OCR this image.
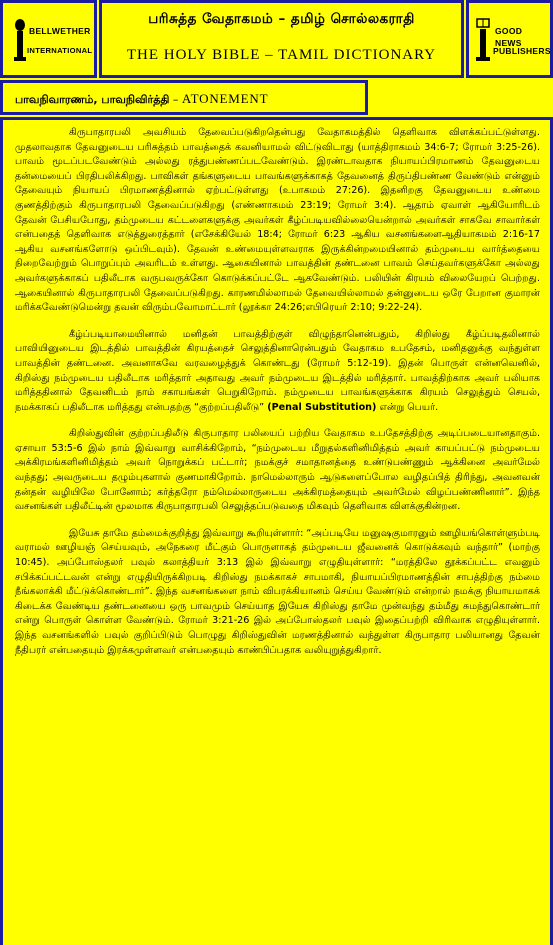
BELLWETHER
INTERNATIONAL
பரிசுத்த வேதாகமம் – தமிழ் சொல்லகராதி
THE HOLY BIBLE – TAMIL DICTIONARY
GOOD NEWS
PUBLISHERS
பாவநிவாரணம், பாவநிவிர்த்தி – ATONEMENT

கிருபாதாரபலி அவசியம் தேவைப்படுகிறதென்பது வேதாகமத்தில் தெளிவாக விளக்கப்பட்டுள்ளது. முதலாவதாக தேவனுடைய பரிசுத்தம் பாவத்தைக் கவனியாமல் விட்டுவிடாது (யாத்திராகமம் 34:6-7; ரோமர் 3:25-26). பாவம் மூடப்படவேண்டும் அல்லது ரத்துபண்ணப்படவேண்டும். இரண்டாவதாக நியாயப்பிரமாணம் தேவனுடைய தன்மையைப் பிரதிபலிக்கிறது. பாவிகள் தங்களுடைய பாவங்களுக்காகத் தேவனைத் திருப்திபண்ண வேண்டும் என்னும் தேவையும் நியாயப் பிரமாணத்தினால் ஏற்பட்டுள்ளது (உபாகமம் 27:26). இதனிறகு தேவனுடைய உண்மை குணத்திற்கும் கிருபாதாரபலி தேவைப்படுகிறது (எண்ணாகமம் 23:19; ரோமர் 3:4). ஆதாம் ஏவாள் ஆகியோரிடம் தேவன் பேசியபோது, தம்முடைய கட்டளைகளுக்கு அவர்கள் கீழ்ப்படியவில்லையென்றால் அவர்கள் சாகவே சாவார்கள் என்பதைத் தெளிவாக எடுத்துரைத்தார் (எசேக்கியேல் 18:4; ரோமர் 6:23 ஆகிய வசனங்களைஆதியாகமம் 2:16-17 ஆகிய வசனங்களோடு ஒப்பிடவும்). தேவன் உண்மையுள்ளவராக இருக்கின்றமையினால் தம்முடைய வார்த்தையை நிறைவேற்றும் பொறுப்பும் அவரிடம் உள்ளது. ஆகையினால் பாவத்தின் தண்டனை பாவம் செய்தவர்களுக்கோ அல்லது அவர்களுக்காகப் பதிலீடாக வருபவருக்கோ கொடுக்கப்பட்டே ஆகவேண்டும். பலியின் கிரயம் விலையேறப் பெற்றது. ஆகையினால் கிருபாதாரபலி தேவைப்படுகிறது. காரணமில்லாமல் தேவையில்லாமல் தன்னுடைய ஒரே பேறான குமாரன் மரிக்கவேண்டுமென்று தவன் விரும்பவோமாட்டார் (லூக்கா 24:26;எபிரெயர் 2:10; 9:22-24).

கீழ்ப்படியாமையினால் மனிதன் பாவத்திற்குள் விழுந்தானென்பதும், கிறிஸ்து கீழ்ப்படிதலினால் பாவியினுடைய இடத்தில் பாவத்தின் கிரயத்தைச் செலுத்தினாரென்பதும் வேதாகம உபதேசம், மனிதனுக்கு வந்துள்ள பாவத்தின் தண்டனை. அவனாகவே வரவழைத்துக் கொண்டது (ரோமர் 5:12-19). இதன் பொருள் என்னவெனில், கிறிஸ்து நம்முடைய பதிலீடாக மரித்தார் அதாவது அவர் நம்முடைய இடத்தில் மரித்தார். பாவத்திற்காக அவர் பலியாக மரித்ததினால் தேவனிடம் நாம் சகாயங்கள் பெறுகிறோம். நம்முடைய பாவங்களுக்காக கிரயம் செலுத்தும் செயல், நமக்காகப் பதிலீடாக மரித்தது என்பதற்கு “குற்றப்பதிலீடு” (Penal Substitution) என்று பெயர்.

கிறிஸ்துவின் குற்றப்பதிலீடு கிருபாதார பலியைப் பற்றிய வேதாகம உபதேசத்திற்கு அடிப்படையானதாகும். ஏசாயா 53:5-6 இல் நாம் இவ்வாறு வாசிக்கிறோம், “நம்முடைய மீறுதல்களினிமித்தம் அவர் காயப்பட்டு நம்முடைய அக்கிரமங்களினிமித்தம் அவர் நொறுக்கப் பட்டார்; நமக்குச் சமாதானத்தை உண்டுபண்ணும் ஆக்கினை அவர்மேல் வந்தது; அவருடைய தழும்புகளால் குணமாகிறோம். நாமெல்லாரும் ஆடுகளைப்போல வழிதப்பித் திரிந்து, அவனவன் தன்தன் வழியிலே போனோம்; கர்த்தரோ நம்மெல்லாருடைய அக்கிரமத்தையும் அவர்மேல் விழப்பண்ணினார்”. இந்த வசனங்கள் பதிலீட்டின் மூலமாக கிருபாதாரபலி செலுத்தப்படுவதை மிகவும் தெளிவாக விளக்குகின்றன.

இயேசு தாமே தம்மைக்குறித்து இவ்வாறு கூறியுள்ளார்: “அப்படியே மனுஷகுமாரனும் ஊழியங்கொள்ளும்படி வராமல் ஊழியஞ் செய்யவும், அநேகரை மீட்கும் பொருளாகத் தம்முடைய ஜீவனைக் கொடுக்கவும் வந்தார்” (மாற்கு 10:45). அப்போஸ்தலர் பவுல் கலாத்தியர் 3:13 இல் இவ்வாறு எழுதியுள்ளார்: “மரத்திலே தூக்கப்பட்ட எவனும் சபிக்கப்பட்டவன் என்று எழுதியிருக்கிறபடி கிறிஸ்து நமக்காகச் சாபமாகி, நியாயப்பிரமாணத்தின் சாபத்திற்கு நம்மை நீங்கலாக்கி மீட்டுக்கொண்டார்”. இந்த வசனங்களை நாம் விபரக்கியானம் செய்ய வேண்டும் என்றால் நமக்கு நியாயமாகக் கிடைக்க வேண்டிய தண்டனையை ஒரு பாவமும் செய்யாத இயேசு கிறிஸ்து தாமே முன்வந்து தம்மீது சுமந்துகொண்டார் என்று பொருள் கொள்ள வேண்டும். ரோமர் 3:21-26 இல் அப்போஸ்தலர் பவுல் இதைப்பற்றி விரிவாக எழுதியுள்ளார். இந்த வசனங்களில் பவுல் குறிப்பிடும் பொழுது கிறிஸ்துவின் மரணத்தினால் வந்துள்ள கிருபாதார பலியானது தேவன் நீதிபரர் என்பதையும் இரக்கமுள்ளவர் என்பதையும் காண்பிப்பதாக வலியுறுத்துகிறார்.
